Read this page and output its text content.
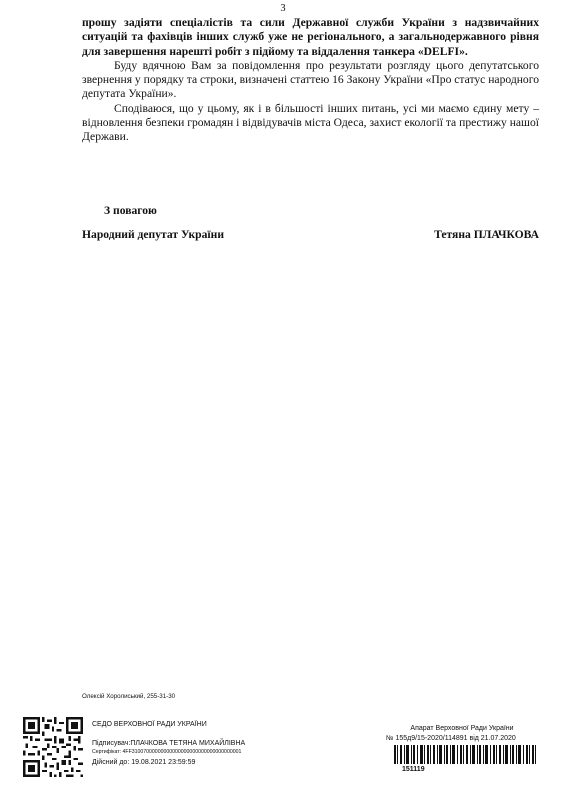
3

прошу задіяти спеціалістів та сили Державної служби України з надзвичайних ситуацій та фахівців інших служб уже не регіонального, а загальнодержавного рівня для завершення нарешті робіт з підйому та віддалення танкера «DELFI».

Буду вдячною Вам за повідомлення про результати розгляду цього депутатського звернення у порядку та строки, визначені статтею 16 Закону України «Про статус народного депутата України».

Сподіваюся, що у цьому, як і в більшості інших питань, усі ми маємо єдину мету – відновлення безпеки громадян і відвідувачів міста Одеса, захист екології та престижу нашої Держави.

З повагою
Народний депутат України	Тетяна ПЛАЧКОВА
Олексій Хоролиський, 255-31-30
СЕДО ВЕРХОВНОЇ РАДИ УКРАЇНИ
Підписувач:ПЛАЧКОВА ТЕТЯНА МИХАЙЛІВНА
Сертифікат: 4FF31007000000000000000000000000000000001
Дійсний до: 19.08.2021 23:59:59
Апарат Верховної Ради України
№ 155д9/15-2020/114891 від 21.07.2020
151119
